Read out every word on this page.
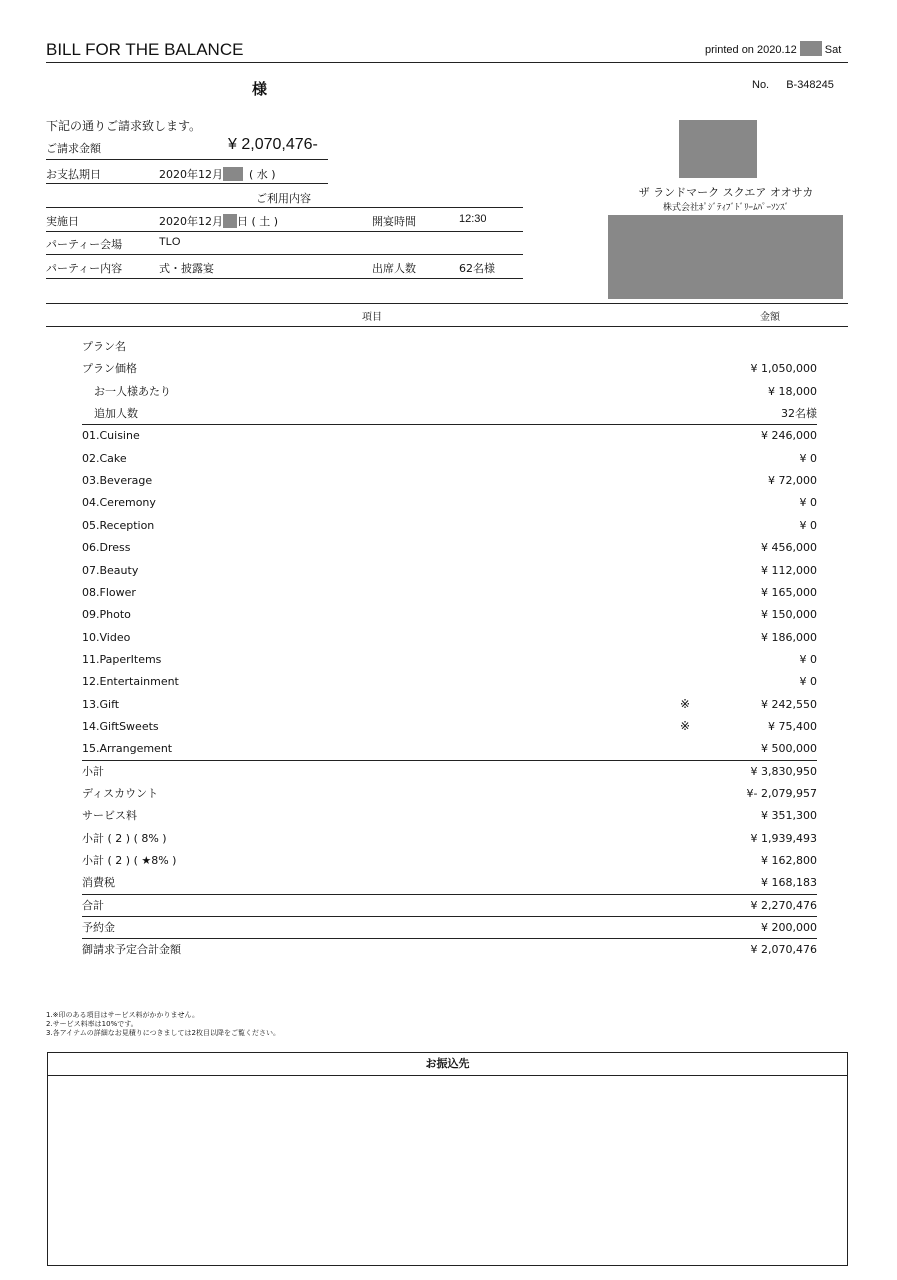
BILL FOR THE BALANCE	printed on 2020.12	Sat
様	No. B-348245
下記の通りご請求致します。
ご請求金額	¥ 2,070,476-
お支払期日	2020年12月 ( 水 )
ご利用内容
実施日	2020年12月 日 ( 土 )	開宴時間	12:30
パーティー会場	TLO
パーティー内容	式・披露宴	出席人数	62名様
ザ ランドマーク スクエア オオサカ
株式会社ﾎﾟｼﾞﾃｨﾌﾞﾄﾞﾘｰﾑﾊﾟｰｿﾝｽﾞ
項目	金額
プラン名
プラン価格	¥ 1,050,000
お一人様あたり	¥ 18,000
追加人数	32名様
01.Cuisine	¥ 246,000
02.Cake	¥ 0
03.Beverage	¥ 72,000
04.Ceremony	¥ 0
05.Reception	¥ 0
06.Dress	¥ 456,000
07.Beauty	¥ 112,000
08.Flower	¥ 165,000
09.Photo	¥ 150,000
10.Video	¥ 186,000
11.PaperItems	¥ 0
12.Entertainment	¥ 0
13.Gift	※	¥ 242,550
14.GiftSweets	※	¥ 75,400
15.Arrangement	¥ 500,000
小計	¥ 3,830,950
ディスカウント	¥- 2,079,957
サービス料	¥ 351,300
小計 ( 2 ) ( 8% )	¥ 1,939,493
小計 ( 2 ) ( ★8% )	¥ 162,800
消費税	¥ 168,183
合計	¥ 2,270,476
予約金	¥ 200,000
御請求予定合計金額	¥ 2,070,476
1.※印のある項目はサービス料がかかりません。
2.サービス料率は10%です。
3.各アイテムの詳細なお見積りにつきましては2枚目以降をご覧ください。
お振込先
